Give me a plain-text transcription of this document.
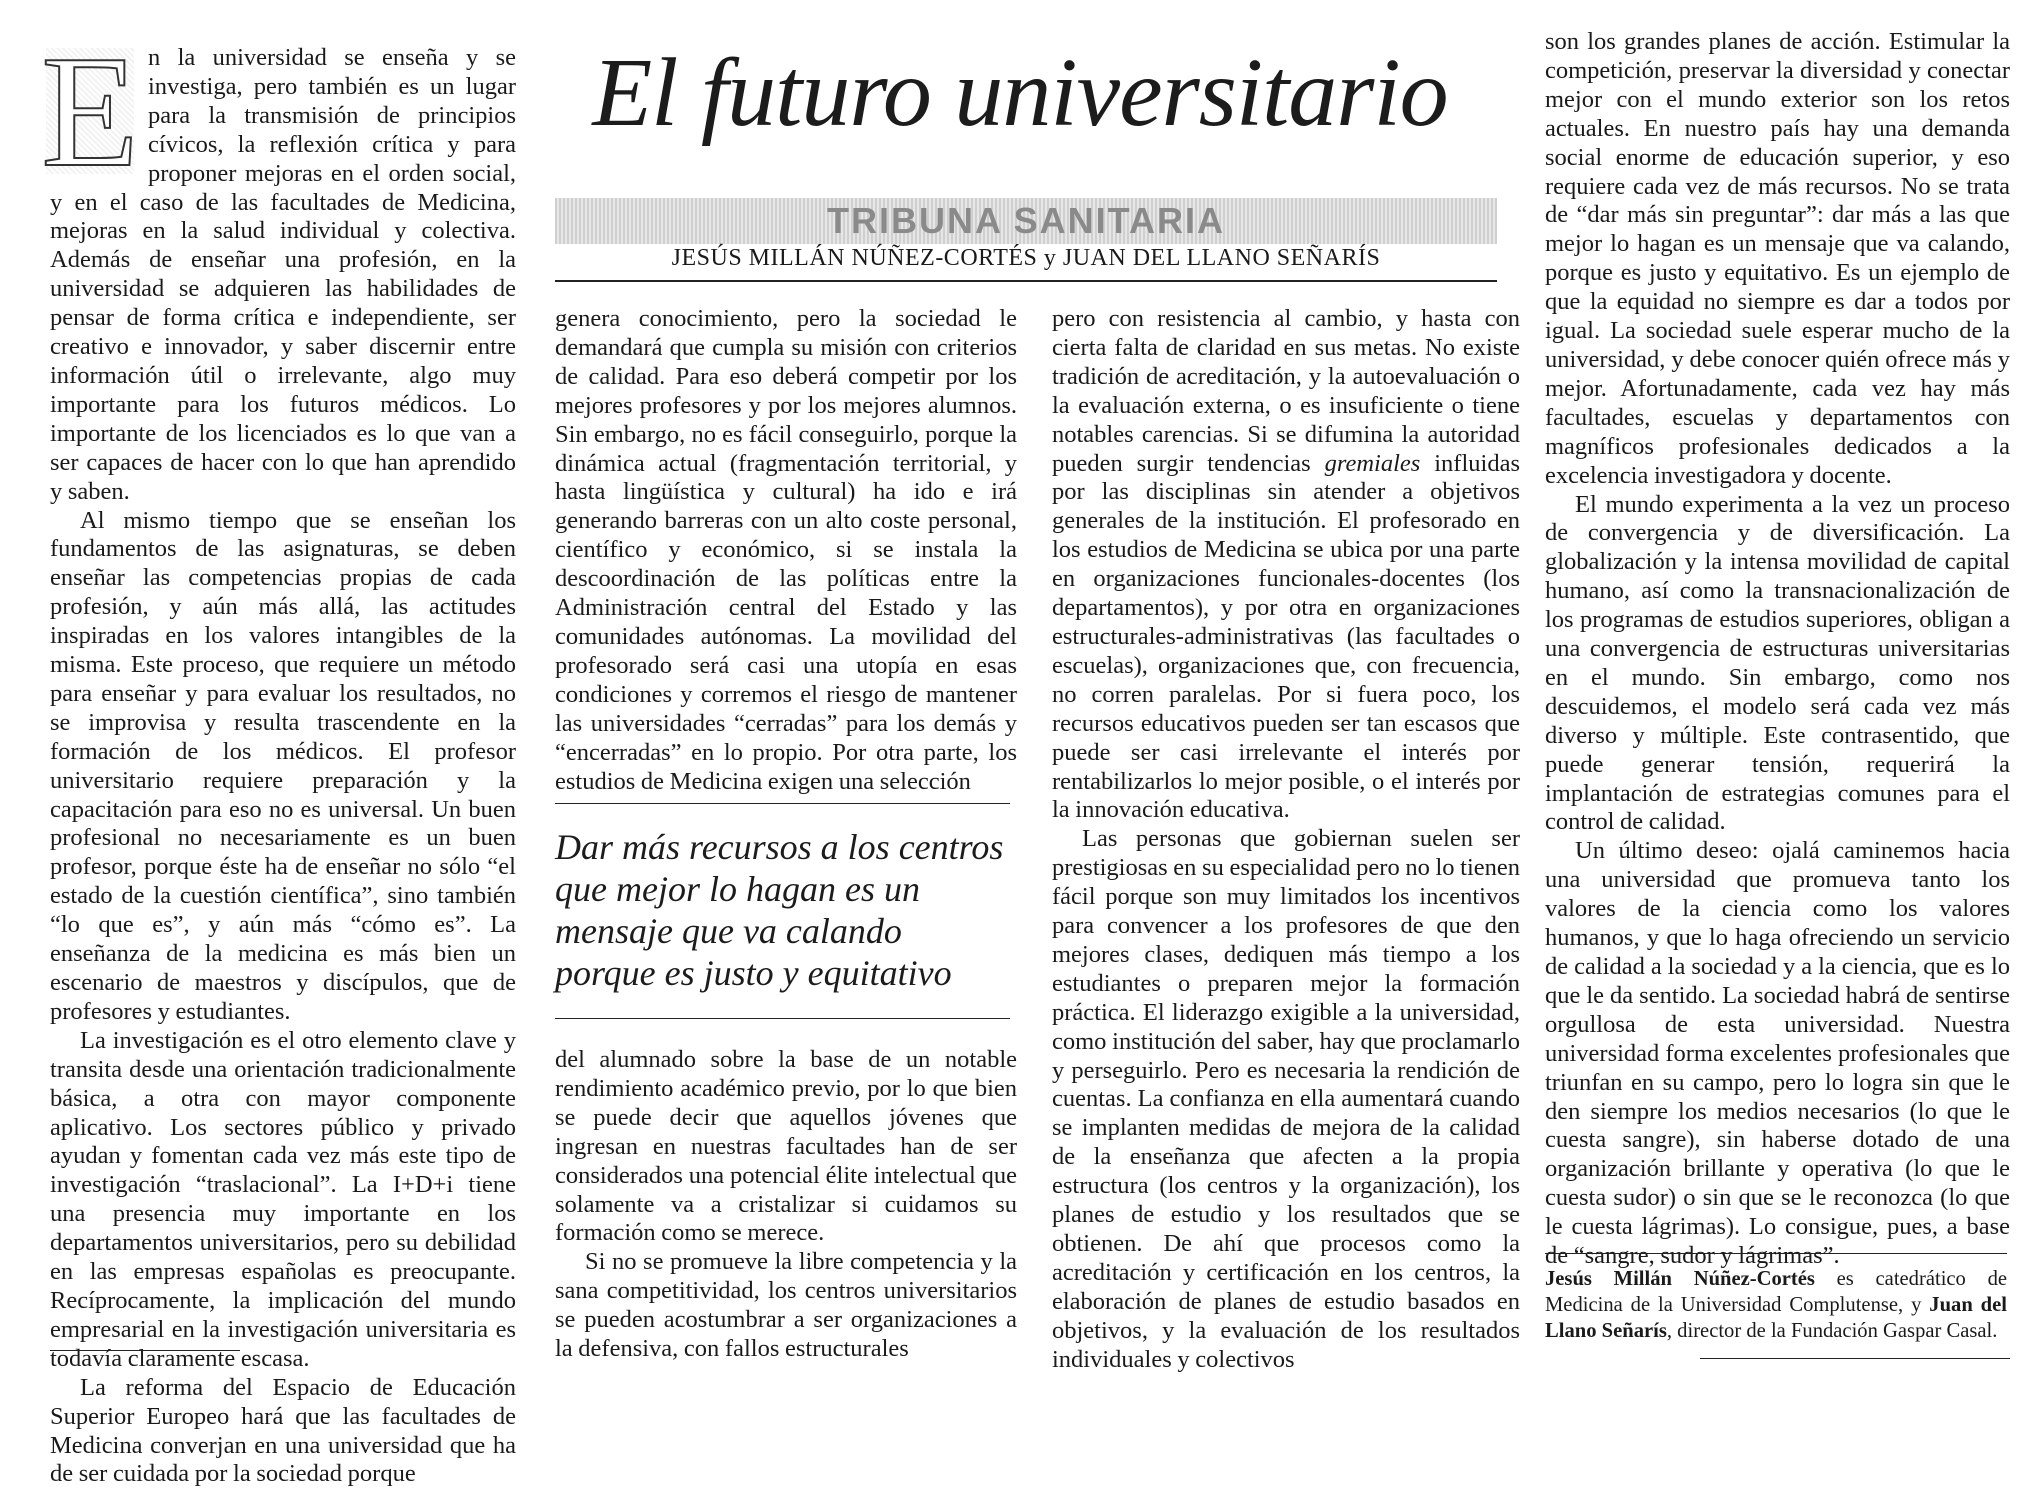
E n la universidad se enseña y se investiga, pero también es un lugar para la transmisión de principios cívicos, la reflexión crítica y para proponer mejoras en el orden social, y en el caso de las facultades de Medicina, mejoras en la salud individual y colectiva. Además de enseñar una profesión, en la universidad se adquieren las habilidades de pensar de forma crítica e independiente, ser creativo e innovador, y saber discernir entre información útil o irrelevante, algo muy importante para los futuros médicos. Lo importante de los licenciados es lo que van a ser capaces de hacer con lo que han aprendido y saben.

Al mismo tiempo que se enseñan los fundamentos de las asignaturas, se deben enseñar las competencias propias de cada profesión, y aún más allá, las actitudes inspiradas en los valores intangibles de la misma. Este proceso, que requiere un método para enseñar y para evaluar los resultados, no se improvisa y resulta trascendente en la formación de los médicos. El profesor universitario requiere preparación y la capacitación para eso no es universal. Un buen profesional no necesariamente es un buen profesor, porque éste ha de enseñar no sólo “el estado de la cuestión científica”, sino también “lo que es”, y aún más “cómo es”. La enseñanza de la medicina es más bien un escenario de maestros y discípulos, que de profesores y estudiantes.

La investigación es el otro elemento clave y transita desde una orientación tradicionalmente básica, a otra con mayor componente aplicativo. Los sectores público y privado ayudan y fomentan cada vez más este tipo de investigación “traslacional”. La I+D+i tiene una presencia muy importante en los departamentos universitarios, pero su debilidad en las empresas españolas es preocupante. Recíprocamente, la implicación del mundo empresarial en la investigación universitaria es todavía claramente escasa.

La reforma del Espacio de Educación Superior Europeo hará que las facultades de Medicina converjan en una universidad que ha de ser cuidada por la sociedad porque

El futuro universitario
TRIBUNA SANITARIA
JESÚS MILLÁN NÚÑEZ-CORTÉS y JUAN DEL LLANO SEÑARÍS

genera conocimiento, pero la sociedad le demandará que cumpla su misión con criterios de calidad. Para eso deberá competir por los mejores profesores y por los mejores alumnos. Sin embargo, no es fácil conseguirlo, porque la dinámica actual (fragmentación territorial, y hasta lingüística y cultural) ha ido e irá generando barreras con un alto coste personal, científico y económico, si se instala la descoordinación de las políticas entre la Administración central del Estado y las comunidades autónomas. La movilidad del profesorado será casi una utopía en esas condiciones y corremos el riesgo de mantener las universidades “cerradas” para los demás y “encerradas” en lo propio. Por otra parte, los estudios de Medicina exigen una selección

Dar más recursos a los centros que mejor lo hagan es un mensaje que va calando porque es justo y equitativo

del alumnado sobre la base de un notable rendimiento académico previo, por lo que bien se puede decir que aquellos jóvenes que ingresan en nuestras facultades han de ser considerados una potencial élite intelectual que solamente va a cristalizar si cuidamos su formación como se merece.

Si no se promueve la libre competencia y la sana competitividad, los centros universitarios se pueden acostumbrar a ser organizaciones a la defensiva, con fallos estructurales

pero con resistencia al cambio, y hasta con cierta falta de claridad en sus metas. No existe tradición de acreditación, y la autoevaluación o la evaluación externa, o es insuficiente o tiene notables carencias. Si se difumina la autoridad pueden surgir tendencias gremiales influidas por las disciplinas sin atender a objetivos generales de la institución. El profesorado en los estudios de Medicina se ubica por una parte en organizaciones funcionales-docentes (los departamentos), y por otra en organizaciones estructurales-administrativas (las facultades o escuelas), organizaciones que, con frecuencia, no corren paralelas. Por si fuera poco, los recursos educativos pueden ser tan escasos que puede ser casi irrelevante el interés por rentabilizarlos lo mejor posible, o el interés por la innovación educativa.

Las personas que gobiernan suelen ser prestigiosas en su especialidad pero no lo tienen fácil porque son muy limitados los incentivos para convencer a los profesores de que den mejores clases, dediquen más tiempo a los estudiantes o preparen mejor la formación práctica. El liderazgo exigible a la universidad, como institución del saber, hay que proclamarlo y perseguirlo. Pero es necesaria la rendición de cuentas. La confianza en ella aumentará cuando se implanten medidas de mejora de la calidad de la enseñanza que afecten a la propia estructura (los centros y la organización), los planes de estudio y los resultados que se obtienen. De ahí que procesos como la acreditación y certificación en los centros, la elaboración de planes de estudio basados en objetivos, y la evaluación de los resultados individuales y colectivos

son los grandes planes de acción. Estimular la competición, preservar la diversidad y conectar mejor con el mundo exterior son los retos actuales. En nuestro país hay una demanda social enorme de educación superior, y eso requiere cada vez de más recursos. No se trata de “dar más sin preguntar”: dar más a las que mejor lo hagan es un mensaje que va calando, porque es justo y equitativo. Es un ejemplo de que la equidad no siempre es dar a todos por igual. La sociedad suele esperar mucho de la universidad, y debe conocer quién ofrece más y mejor. Afortunadamente, cada vez hay más facultades, escuelas y departamentos con magníficos profesionales dedicados a la excelencia investigadora y docente.

El mundo experimenta a la vez un proceso de convergencia y de diversificación. La globalización y la intensa movilidad de capital humano, así como la transnacionalización de los programas de estudios superiores, obligan a una convergencia de estructuras universitarias en el mundo. Sin embargo, como nos descuidemos, el modelo será cada vez más diverso y múltiple. Este contrasentido, que puede generar tensión, requerirá la implantación de estrategias comunes para el control de calidad.

Un último deseo: ojalá caminemos hacia una universidad que promueva tanto los valores de la ciencia como los valores humanos, y que lo haga ofreciendo un servicio de calidad a la sociedad y a la ciencia, que es lo que le da sentido. La sociedad habrá de sentirse orgullosa de esta universidad. Nuestra universidad forma excelentes profesionales que triunfan en su campo, pero lo logra sin que le den siempre los medios necesarios (lo que le cuesta sangre), sin haberse dotado de una organización brillante y operativa (lo que le cuesta sudor) o sin que se le reconozca (lo que le cuesta lágrimas). Lo consigue, pues, a base de “sangre, sudor y lágrimas”.

Jesús Millán Núñez-Cortés es catedrático de Medicina de la Universidad Complutense, y Juan del Llano Señarís, director de la Fundación Gaspar Casal.
